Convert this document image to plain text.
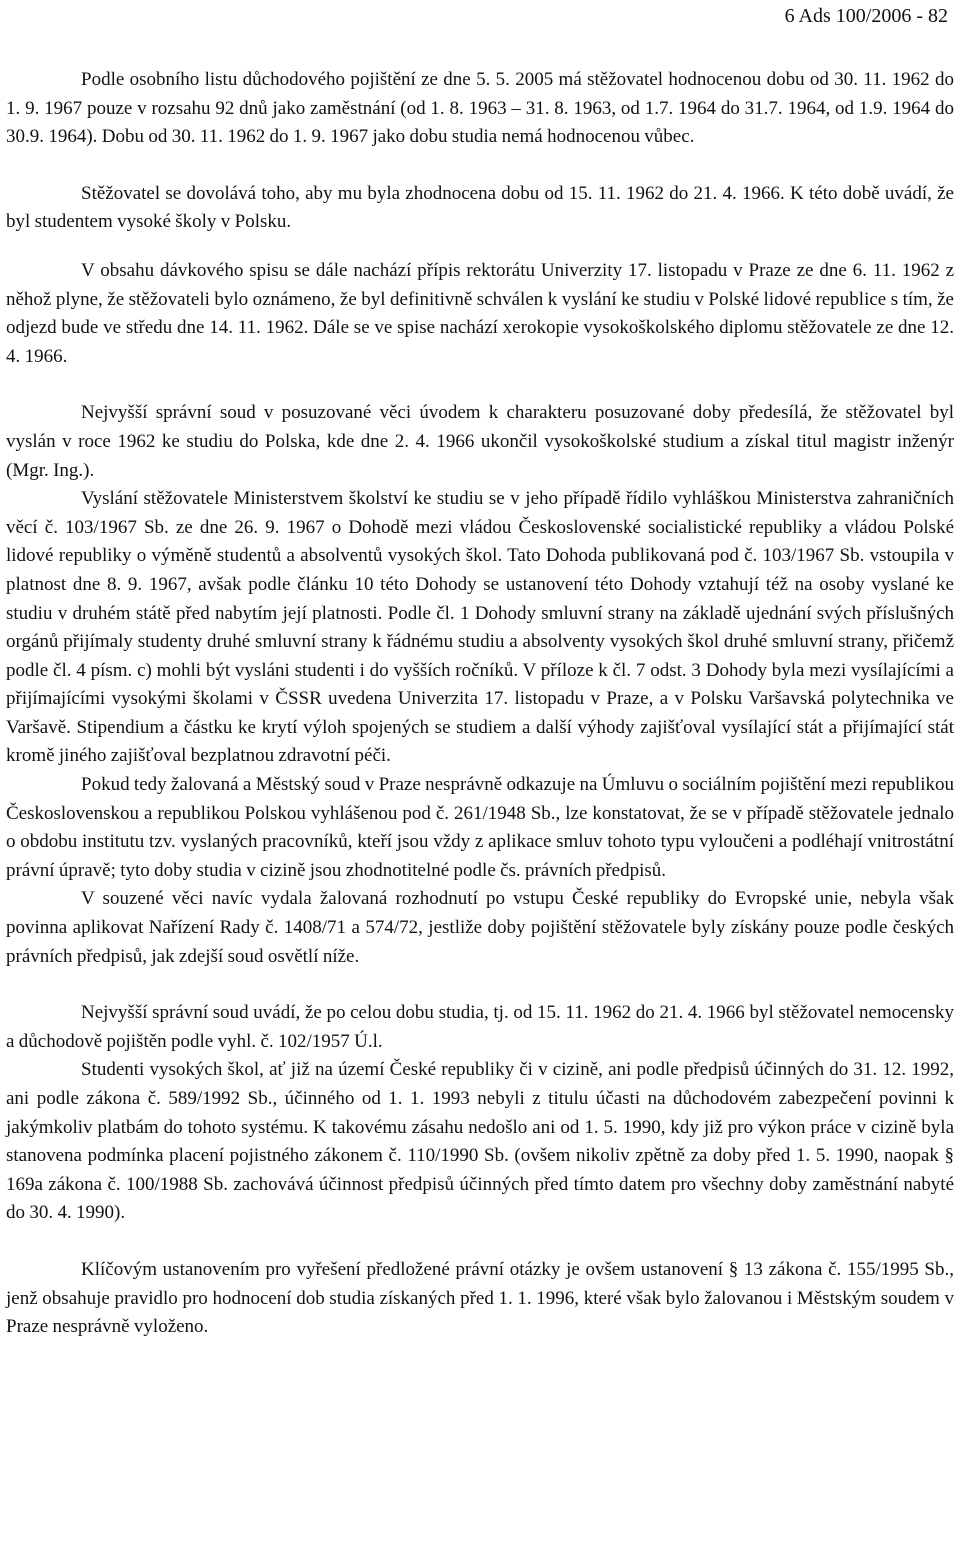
6 Ads 100/2006 - 82

Podle osobního listu důchodového pojištění ze dne 5. 5. 2005 má stěžovatel hodnocenou dobu od 30. 11. 1962 do 1. 9. 1967 pouze v rozsahu 92 dnů jako zaměstnání (od 1. 8. 1963 – 31. 8. 1963, od 1.7. 1964 do 31.7. 1964, od 1.9. 1964 do 30.9. 1964). Dobu od 30. 11. 1962 do 1. 9. 1967 jako dobu studia nemá hodnocenou vůbec.

Stěžovatel se dovolává toho, aby mu byla zhodnocena dobu od 15. 11. 1962 do 21. 4. 1966. K této době uvádí, že byl studentem vysoké školy v Polsku.

V obsahu dávkového spisu se dále nachází přípis rektorátu Univerzity 17. listopadu v Praze ze dne 6. 11. 1962 z něhož plyne, že stěžovateli bylo oznámeno, že byl definitivně schválen k vyslání ke studiu v Polské lidové republice s tím, že odjezd bude ve středu dne 14. 11. 1962. Dále se ve spise nachází xerokopie vysokoškolského diplomu stěžovatele ze dne 12. 4. 1966.

Nejvyšší správní soud v posuzované věci úvodem k charakteru posuzované doby předesílá, že stěžovatel byl vyslán v roce 1962 ke studiu do Polska, kde dne 2. 4. 1966 ukončil vysokoškolské studium a získal titul magistr inženýr (Mgr. Ing.).

Vyslání stěžovatele Ministerstvem školství ke studiu se v jeho případě řídilo vyhláškou Ministerstva zahraničních věcí č. 103/1967 Sb. ze dne 26. 9. 1967 o Dohodě mezi vládou Československé socialistické republiky a vládou Polské lidové republiky o výměně studentů a absolventů vysokých škol. Tato Dohoda publikovaná pod č. 103/1967 Sb. vstoupila v platnost dne 8. 9. 1967, avšak podle článku 10 této Dohody se ustanovení této Dohody vztahují též na osoby vyslané ke studiu v druhém státě před nabytím její platnosti. Podle čl. 1 Dohody smluvní strany na základě ujednání svých příslušných orgánů přijímaly studenty druhé smluvní strany k řádnému studiu a absolventy vysokých škol druhé smluvní strany, přičemž podle čl. 4 písm. c) mohli být vysláni studenti i do vyšších ročníků. V příloze k čl. 7 odst. 3 Dohody byla mezi vysílajícími a přijímajícími vysokými školami v ČSSR uvedena Univerzita 17. listopadu v Praze, a v Polsku Varšavská polytechnika ve Varšavě. Stipendium a částku ke krytí výloh spojených se studiem a další výhody zajišťoval vysílající stát a přijímající stát kromě jiného zajišťoval bezplatnou zdravotní péči.

Pokud tedy žalovaná a Městský soud v Praze nesprávně odkazuje na Úmluvu o sociálním pojištění mezi republikou Československou a republikou Polskou vyhlášenou pod č. 261/1948 Sb., lze konstatovat, že se v případě stěžovatele jednalo o obdobu institutu tzv. vyslaných pracovníků, kteří jsou vždy z aplikace smluv tohoto typu vyloučeni a podléhají vnitrostátní právní úpravě; tyto doby studia v cizině jsou zhodnotitelné podle čs. právních předpisů.

V souzené věci navíc vydala žalovaná rozhodnutí po vstupu České republiky do Evropské unie, nebyla však povinna aplikovat Nařízení Rady č. 1408/71 a 574/72, jestliže doby pojištění stěžovatele byly získány pouze podle českých právních předpisů, jak zdejší soud osvětlí níže.

Nejvyšší správní soud uvádí, že po celou dobu studia, tj. od 15. 11. 1962 do 21. 4. 1966 byl stěžovatel nemocensky a důchodově pojištěn podle vyhl. č. 102/1957 Ú.l.

Studenti vysokých škol, ať již na území České republiky či v cizině, ani podle předpisů účinných do 31. 12. 1992, ani podle zákona č. 589/1992 Sb., účinného od 1. 1. 1993 nebyli z titulu účasti na důchodovém zabezpečení povinni k jakýmkoliv platbám do tohoto systému. K takovému zásahu nedošlo ani od 1. 5. 1990, kdy již pro výkon práce v cizině byla stanovena podmínka placení pojistného zákonem č. 110/1990 Sb. (ovšem nikoliv zpětně za doby před 1. 5. 1990, naopak § 169a zákona č. 100/1988 Sb. zachovává účinnost předpisů účinných před tímto datem pro všechny doby zaměstnání nabyté do 30. 4. 1990).

Klíčovým ustanovením pro vyřešení předložené právní otázky je ovšem ustanovení § 13 zákona č. 155/1995 Sb., jenž obsahuje pravidlo pro hodnocení dob studia získaných před 1. 1. 1996, které však bylo žalovanou i Městským soudem v Praze nesprávně vyloženo.
